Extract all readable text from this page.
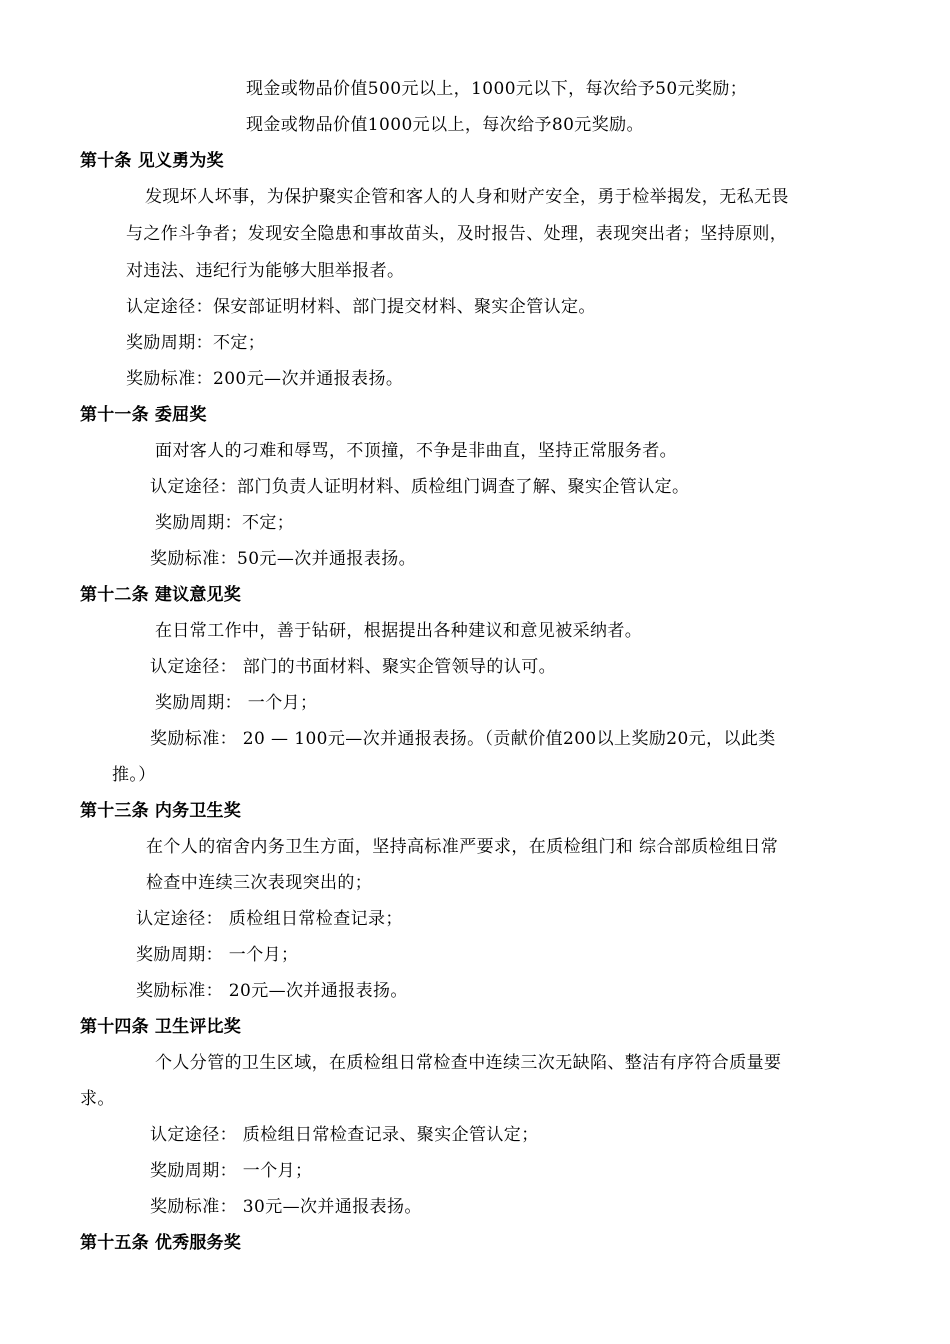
现金或物品价值500元以上，1000元以下，每次给予50元奖励；

现金或物品价值1000元以上，每次给予80元奖励。

第十条 见义勇为奖

发现坏人坏事，为保护聚实企管和客人的人身和财产安全，勇于检举揭发，无私无畏

与之作斗争者；发现安全隐患和事故苗头，及时报告、处理，表现突出者；坚持原则，

对违法、违纪行为能够大胆举报者。

认定途径：保安部证明材料、部门提交材料、聚实企管认定。

奖励周期：不定；

奖励标准：200元—次并通报表扬。

第十一条 委屈奖

面对客人的刁难和辱骂，不顶撞，不争是非曲直，坚持正常服务者。

认定途径：部门负责人证明材料、质检组门调查了解、聚实企管认定。

奖励周期：不定；

奖励标准：50元—次并通报表扬。

第十二条 建议意见奖

在日常工作中，善于钻研，根据提出各种建议和意见被采纳者。

认定途径： 部门的书面材料、聚实企管领导的认可。

奖励周期： 一个月；

奖励标准： 20 — 100元—次并通报表扬。（贡献价值200以上奖励20元，以此类

推。）

第十三条 内务卫生奖

在个人的宿舍内务卫生方面，坚持高标准严要求，在质检组门和 综合部质检组日常

检查中连续三次表现突出的；

认定途径： 质检组日常检查记录；

奖励周期： 一个月；

奖励标准： 20元—次并通报表扬。

第十四条 卫生评比奖

个人分管的卫生区域，在质检组日常检查中连续三次无缺陷、整洁有序符合质量要

求。

认定途径： 质检组日常检查记录、聚实企管认定；

奖励周期： 一个月；

奖励标准： 30元—次并通报表扬。

第十五条 优秀服务奖
